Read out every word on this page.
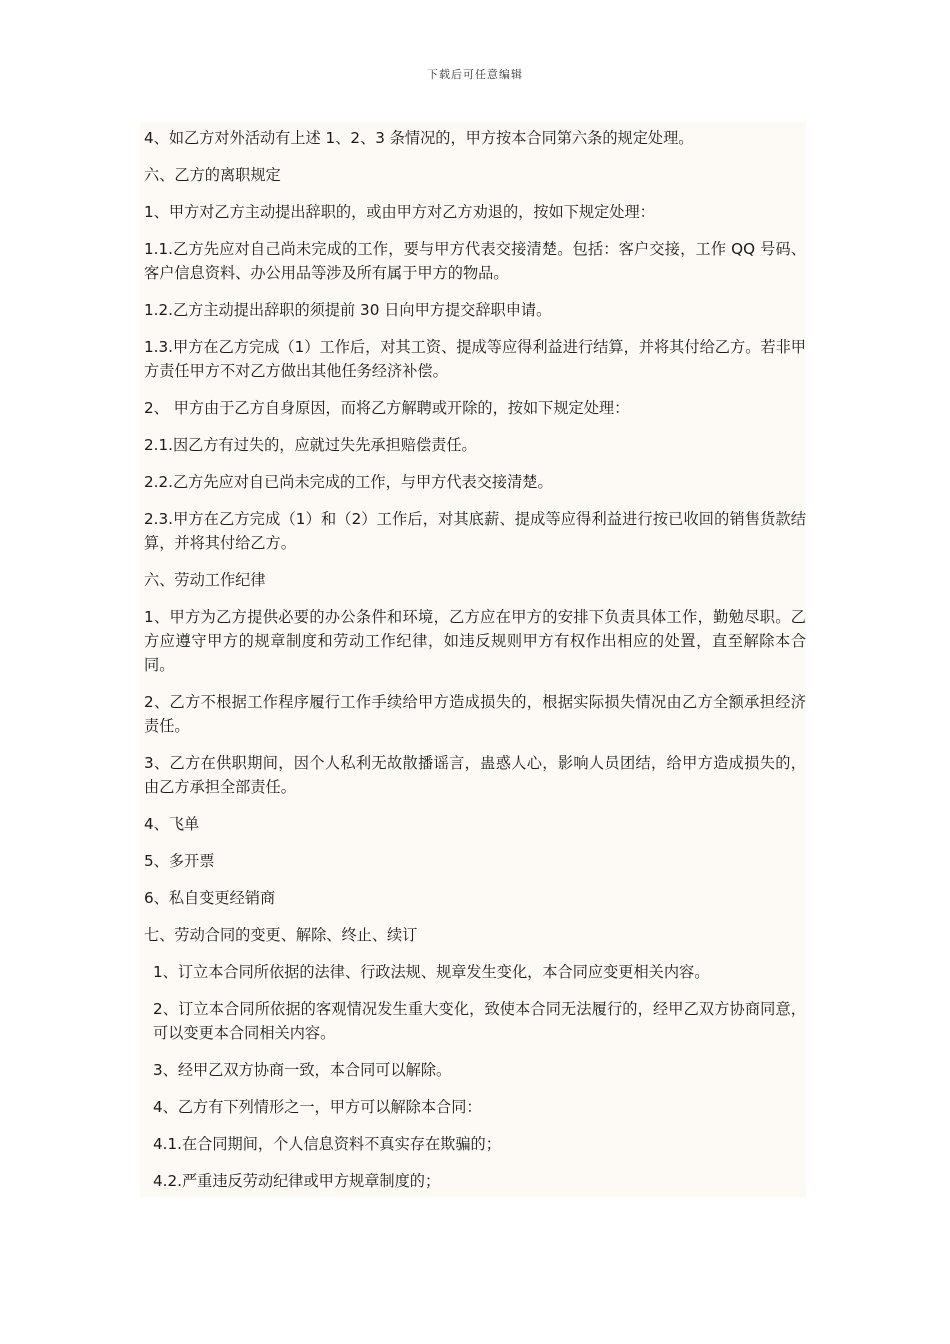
下载后可任意编辑

4、如乙方对外活动有上述 1、2、3 条情况的，甲方按本合同第六条的规定处理。

六、乙方的离职规定

1、甲方对乙方主动提出辞职的，或由甲方对乙方劝退的，按如下规定处理：

1.1.乙方先应对自己尚未完成的工作，要与甲方代表交接清楚。包括：客户交接，工作 QQ 号码、客户信息资料、办公用品等涉及所有属于甲方的物品。

1.2.乙方主动提出辞职的须提前 30 日向甲方提交辞职申请。

1.3.甲方在乙方完成（1）工作后，对其工资、提成等应得利益进行结算，并将其付给乙方。若非甲方责任甲方不对乙方做出其他任务经济补偿。

2、 甲方由于乙方自身原因，而将乙方解聘或开除的，按如下规定处理：

2.1.因乙方有过失的，应就过失先承担赔偿责任。

2.2.乙方先应对自已尚未完成的工作，与甲方代表交接清楚。

2.3.甲方在乙方完成（1）和（2）工作后，对其底薪、提成等应得利益进行按已收回的销售货款结算，并将其付给乙方。

六、劳动工作纪律

1、甲方为乙方提供必要的办公条件和环境，乙方应在甲方的安排下负责具体工作，勤勉尽职。乙方应遵守甲方的规章制度和劳动工作纪律，如违反规则甲方有权作出相应的处置，直至解除本合同。

2、乙方不根据工作程序履行工作手续给甲方造成损失的，根据实际损失情况由乙方全额承担经济责任。

3、乙方在供职期间，因个人私利无故散播谣言，蛊惑人心，影响人员团结，给甲方造成损失的，由乙方承担全部责任。

4、飞单

5、多开票

6、私自变更经销商

七、劳动合同的变更、解除、终止、续订

1、订立本合同所依据的法律、行政法规、规章发生变化，本合同应变更相关内容。

2、订立本合同所依据的客观情况发生重大变化，致使本合同无法履行的，经甲乙双方协商同意，可以变更本合同相关内容。

3、经甲乙双方协商一致，本合同可以解除。

4、乙方有下列情形之一，甲方可以解除本合同：

4.1.在合同期间，个人信息资料不真实存在欺骗的；

4.2.严重违反劳动纪律或甲方规章制度的；
